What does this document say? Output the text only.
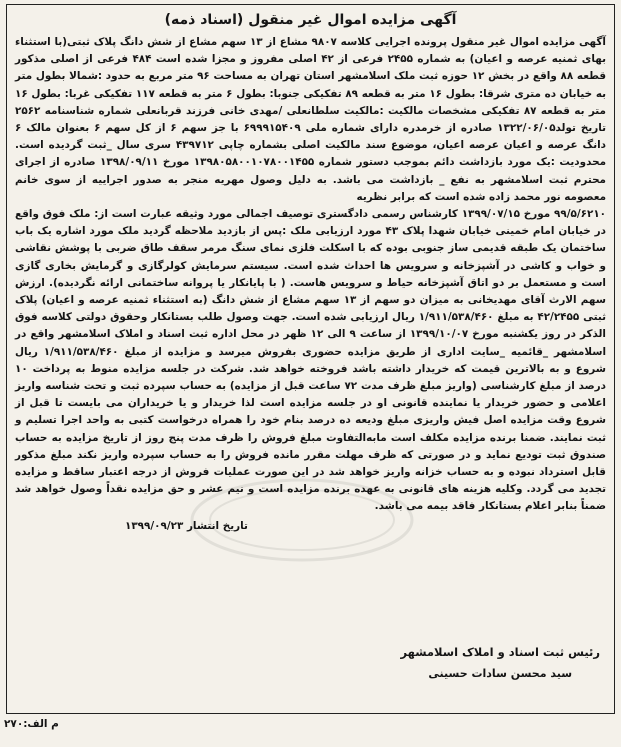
آگهی مزایده اموال غیر منقول (اسناد ذمه)

آگهی مزایده اموال غیر منقول پرونده اجرایی کلاسه ۹۸۰۷ مشاع از ۱۳ سهم مشاع از شش دانگ پلاک ثبتی(با استثناء بهای ثمنیه عرصه و اعیان) به شماره ۲۴۵۵ فرعی از ۴۲ اصلی مفروز و مجزا شده است ۴۸۴ فرعی از اصلی مذکور قطعه ۸۸ واقع در بخش ۱۲ حوزه ثبت ملک اسلامشهر استان تهران به مساحت ۹۶ متر مربع به حدود :شمالا بطول متر به خیابان ده متری شرقا: بطول ۱۶ متر به قطعه ۸۹ تفکیکی جنوبا: بطول ۶ متر به قطعه ۱۱۷ تفکیکی غربا: بطول ۱۶ متر به قطعه ۸۷ تفکیکی مشخصات مالکیت :مالکیت سلطانعلی /مهدی خانی فرزند قربانعلی شماره شناسنامه ۲۵۶۲ تاریخ تولد۱۳۲۲/۰۶/۰۵ صادره از خرمدره دارای شماره ملی ۶۹۹۹۱۵۴۰۹ با جز سهم ۶ از کل سهم ۶ بعنوان مالک ۶ دانگ عرصه و اعیان عرصه اعیان، موضوع سند مالکیت اصلی بشماره چاپی ۴۳۹۷۱۲ سری سال _ثبت گردیده است. محدودیت :یک مورد بازداشت دائم بموجب دستور شماره ۱۳۹۸۰۵۸۰۰۱۰۷۸۰۰۱۴۵۵ مورخ ۱۳۹۸/۰۹/۱۱ صادره از اجرای محترم ثبت اسلامشهر به نفع _ بازداشت می باشد. به دلیل وصول مهریه منجر به صدور اجراییه از سوی خانم معصومه نور محمد زاده شده است که برابر نظریه

۹۹/۵/۶۲۱۰ مورخ ۱۳۹۹/۰۷/۱۵ کارشناس رسمی دادگستری توصیف اجمالی مورد وثیقه عبارت است از: ملک فوق واقع در خیابان امام خمینی خیابان شهدا پلاک ۴۳ مورد ارزیابی ملک :پس از بازدید ملاحظه گردید ملک مورد اشاره یک باب ساختمان یک طبقه قدیمی ساز جنوبی بوده که با اسکلت فلزی نمای سنگ مرمر سقف طاق ضربی با پوشش نقاشی و خواب و کاشی در آشپزخانه و سرویس ها احداث شده است. سیستم سرمایش کولرگازی و گرمایش بخاری گازی است و مستعمل بر دو اتاق آشپزخانه حیاط و سرویس هاست. ( با پایانکار یا پروانه ساختمانی ارائه نگردیده). ارزش سهم الارث آقای مهدیخانی به میزان دو سهم از ۱۳ سهم مشاع از شش دانگ (به استثناء ثمنیه عرصه و اعیان) پلاک ثبتی ۴۲/۲۴۵۵ به مبلغ ۱/۹۱۱/۵۳۸/۴۶۰ ریال ارزیابی شده است. جهت وصول طلب بستانکار وحقوق دولتی کلاسه فوق الذکر در روز یکشنبه مورخ ۱۳۹۹/۱۰/۰۷ از ساعت ۹ الی ۱۲ ظهر در محل اداره ثبت اسناد و املاک اسلامشهر واقع در اسلامشهر _قائمیه _سایت اداری از طریق مزایده حضوری بفروش میرسد و مزایده از مبلغ ۱/۹۱۱/۵۳۸/۴۶۰ ریال شروع و به بالاترین قیمت که خریدار داشته باشد فروخته خواهد شد. شرکت در جلسه مزایده منوط به پرداخت ۱۰ درصد از مبلغ کارشناسی (واریز مبلغ ظرف مدت ۷۲ ساعت قبل از مزایده) به حساب سپرده ثبت و تحت شناسه واریز اعلامی و حضور خریدار یا نماینده قانونی او در جلسه مزایده است لذا خریدار و یا خریداران می بایست تا قبل از شروع وقت مزایده اصل فیش واریزی مبلغ ودیعه ده درصد بنام خود را همراه درخواست کتبی به واحد اجرا تسلیم و ثبت نمایند. ضمنا برنده مزایده مکلف است مابه‌التفاوت مبلغ فروش را ظرف مدت پنج روز از تاریخ مزایده به حساب صندوق ثبت تودیع نماید و در صورتی که ظرف مهلت مقرر مانده فروش را به حساب سپرده واریز نکند مبلغ مذکور قابل استرداد نبوده و به حساب خزانه واریز خواهد شد در این صورت عملیات فروش از درجه اعتبار ساقط و مزایده تجدید می گردد. وکلیه هزینه های قانونی به عهده برنده مزایده است و نیم عشر و حق مزایده نقداً وصول خواهد شد ضمناً بنابر اعلام بستانکار فاقد بیمه می باشد.

تاریخ انتشار ۱۳۹۹/۰۹/۲۳
رئیس ثبت اسناد و املاک اسلامشهر
سید محسن سادات حسینی
م الف:۲۷۰
